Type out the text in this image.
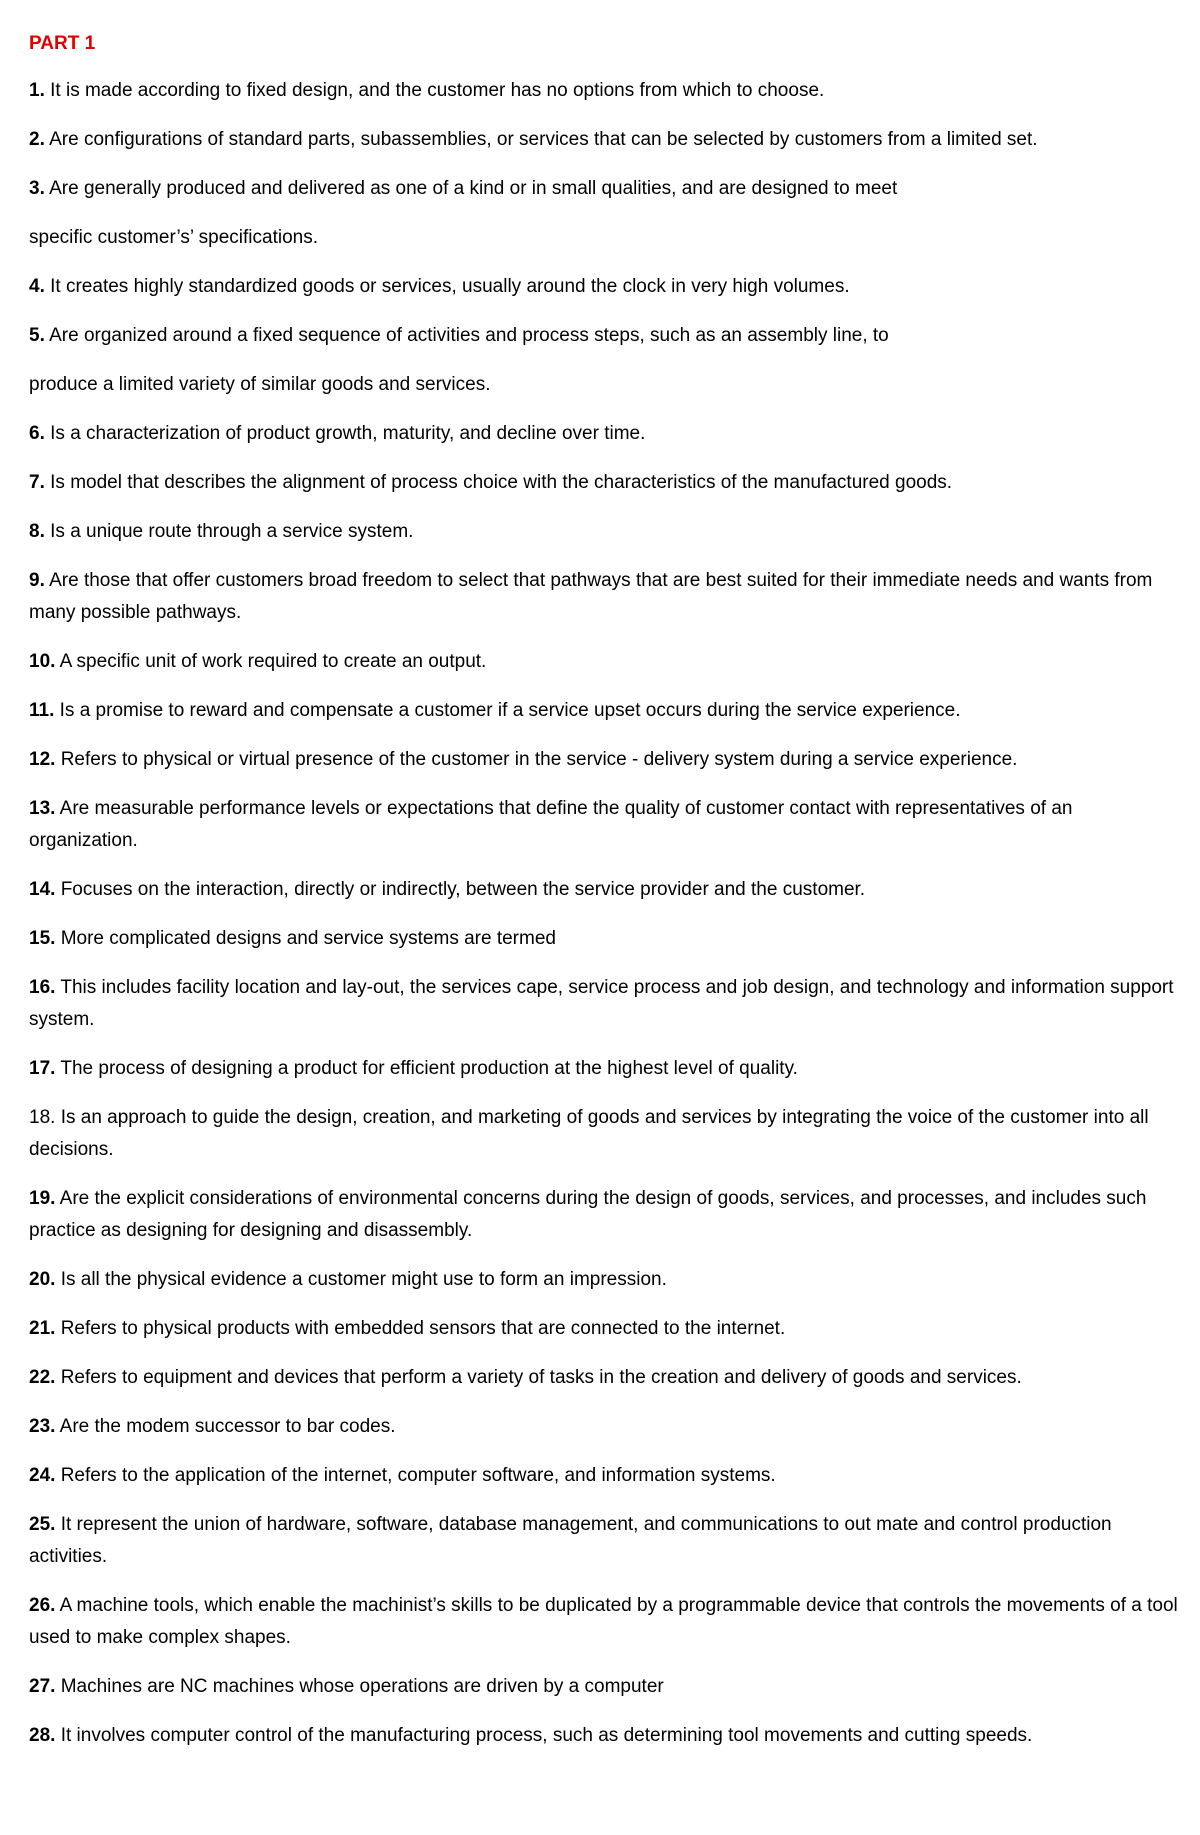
PART 1
1. It is made according to fixed design, and the customer has no options from which to choose.
2. Are configurations of standard parts, subassemblies, or services that can be selected by customers from a limited set.
3. Are generally produced and delivered as one of a kind or in small qualities, and are designed to meet
specific customer’s’ specifications.
4. It creates highly standardized goods or services, usually around the clock in very high volumes.
5. Are organized around a fixed sequence of activities and process steps, such as an assembly line, to
produce a limited variety of similar goods and services.
6. Is a characterization of product growth, maturity, and decline over time.
7. Is model that describes the alignment of process choice with the characteristics of the manufactured goods.
8. Is a unique route through a service system.
9. Are those that offer customers broad freedom to select that pathways that are best suited for their immediate needs and wants from many possible pathways.
10. A specific unit of work required to create an output.
11. Is a promise to reward and compensate a customer if a service upset occurs during the service experience.
12. Refers to physical or virtual presence of the customer in the service - delivery system during a service experience.
13. Are measurable performance levels or expectations that define the quality of customer contact with representatives of an organization.
14. Focuses on the interaction, directly or indirectly, between the service provider and the customer.
15. More complicated designs and service systems are termed
16. This includes facility location and lay-out, the services cape, service process and job design, and technology and information support system.
17. The process of designing a product for efficient production at the highest level of quality.
18. Is an approach to guide the design, creation, and marketing of goods and services by integrating the voice of the customer into all decisions.
19. Are the explicit considerations of environmental concerns during the design of goods, services, and processes, and includes such practice as designing for designing and disassembly.
20. Is all the physical evidence a customer might use to form an impression.
21. Refers to physical products with embedded sensors that are connected to the internet.
22. Refers to equipment and devices that perform a variety of tasks in the creation and delivery of goods and services.
23. Are the modem successor to bar codes.
24. Refers to the application of the internet, computer software, and information systems.
25. It represent the union of hardware, software, database management, and communications to out mate and control production activities.
26. A machine tools, which enable the machinist’s skills to be duplicated by a programmable device that controls the movements of a tool used to make complex shapes.
27. Machines are NC machines whose operations are driven by a computer
28. It involves computer control of the manufacturing process, such as determining tool movements and cutting speeds.
